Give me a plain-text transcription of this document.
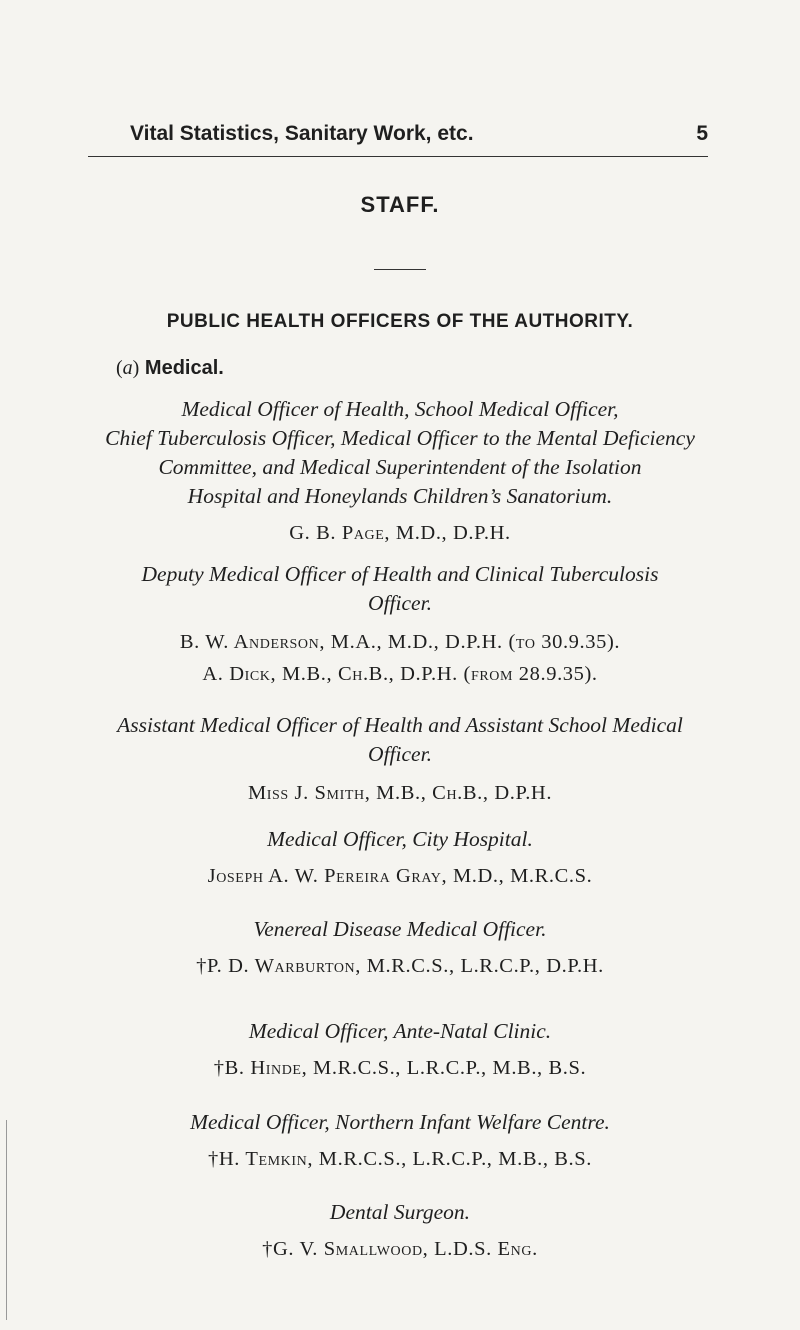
Vital Statistics, Sanitary Work, etc.	5
STAFF.
PUBLIC HEALTH OFFICERS OF THE AUTHORITY.
(a) Medical.
Medical Officer of Health, School Medical Officer,
Chief Tuberculosis Officer, Medical Officer to the Mental Deficiency
Committee, and Medical Superintendent of the Isolation
Hospital and Honeylands Children’s Sanatorium.
G. B. Page, M.D., D.P.H.
Deputy Medical Officer of Health and Clinical Tuberculosis
Officer.
B. W. Anderson, M.A., M.D., D.P.H. (to 30.9.35).
A. Dick, M.B., Ch.B., D.P.H. (from 28.9.35).
Assistant Medical Officer of Health and Assistant School Medical
Officer.
Miss J. Smith, M.B., Ch.B., D.P.H.
Medical Officer, City Hospital.
Joseph A. W. Pereira Gray, M.D., M.R.C.S.
Venereal Disease Medical Officer.
†P. D. Warburton, M.R.C.S., L.R.C.P., D.P.H.
Medical Officer, Ante-Natal Clinic.
†B. Hinde, M.R.C.S., L.R.C.P., M.B., B.S.
Medical Officer, Northern Infant Welfare Centre.
†H. Temkin, M.R.C.S., L.R.C.P., M.B., B.S.
Dental Surgeon.
†G. V. Smallwood, L.D.S. Eng.
